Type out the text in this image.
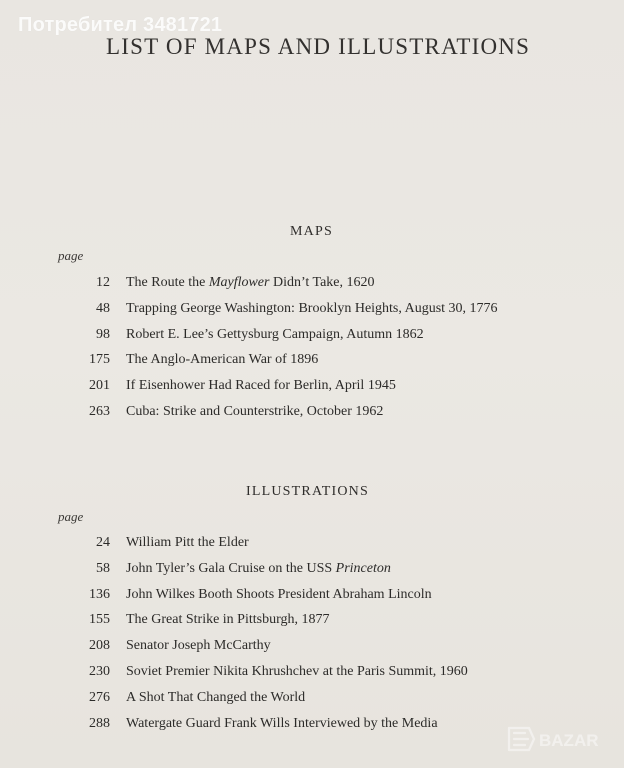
Потребител 3481721
LIST OF MAPS AND ILLUSTRATIONS
MAPS
page
12 The Route the Mayflower Didn’t Take, 1620
48 Trapping George Washington: Brooklyn Heights, August 30, 1776
98 Robert E. Lee’s Gettysburg Campaign, Autumn 1862
175 The Anglo-American War of 1896
201 If Eisenhower Had Raced for Berlin, April 1945
263 Cuba: Strike and Counterstrike, October 1962
ILLUSTRATIONS
page
24 William Pitt the Elder
58 John Tyler’s Gala Cruise on the USS Princeton
136 John Wilkes Booth Shoots President Abraham Lincoln
155 The Great Strike in Pittsburgh, 1877
208 Senator Joseph McCarthy
230 Soviet Premier Nikita Khrushchev at the Paris Summit, 1960
276 A Shot That Changed the World
288 Watergate Guard Frank Wills Interviewed by the Media
BAZAR
